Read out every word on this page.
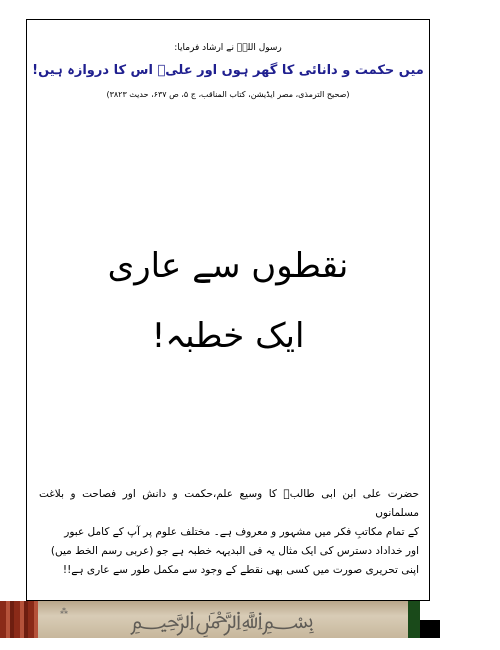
رسول اللہؐ نے ارشاد فرمایا:
میں حکمت و دانائی کا گھر ہوں اور علیؑ اس کا دروازہ ہیں!
(صحیح الترمذی، مصر ایڈیشن، کتاب المناقب، ج ۵، ص ۶۳۷، حدیث ۳۸۲۳)
نقطوں سے عاری
ایک خطبہ!
حضرت علی ابن ابی طالبؑ کا وسیع علم،حکمت و دانش اور فصاحت و بلاغت مسلمانوں
کے تمام مکاتبِ فکر میں مشہور و معروف ہے۔ مختلف علوم پر آپ کے کامل عبور
اور خداداد دسترس کی ایک مثال یہ فی البدیہہ خطبہ ہے جو (عربی رسم الخط میں)
اپنی تحریری صورت میں کسی بھی نقطے کے وجود سے مکمل طور سے عاری ہے!!
⁂	﷽
